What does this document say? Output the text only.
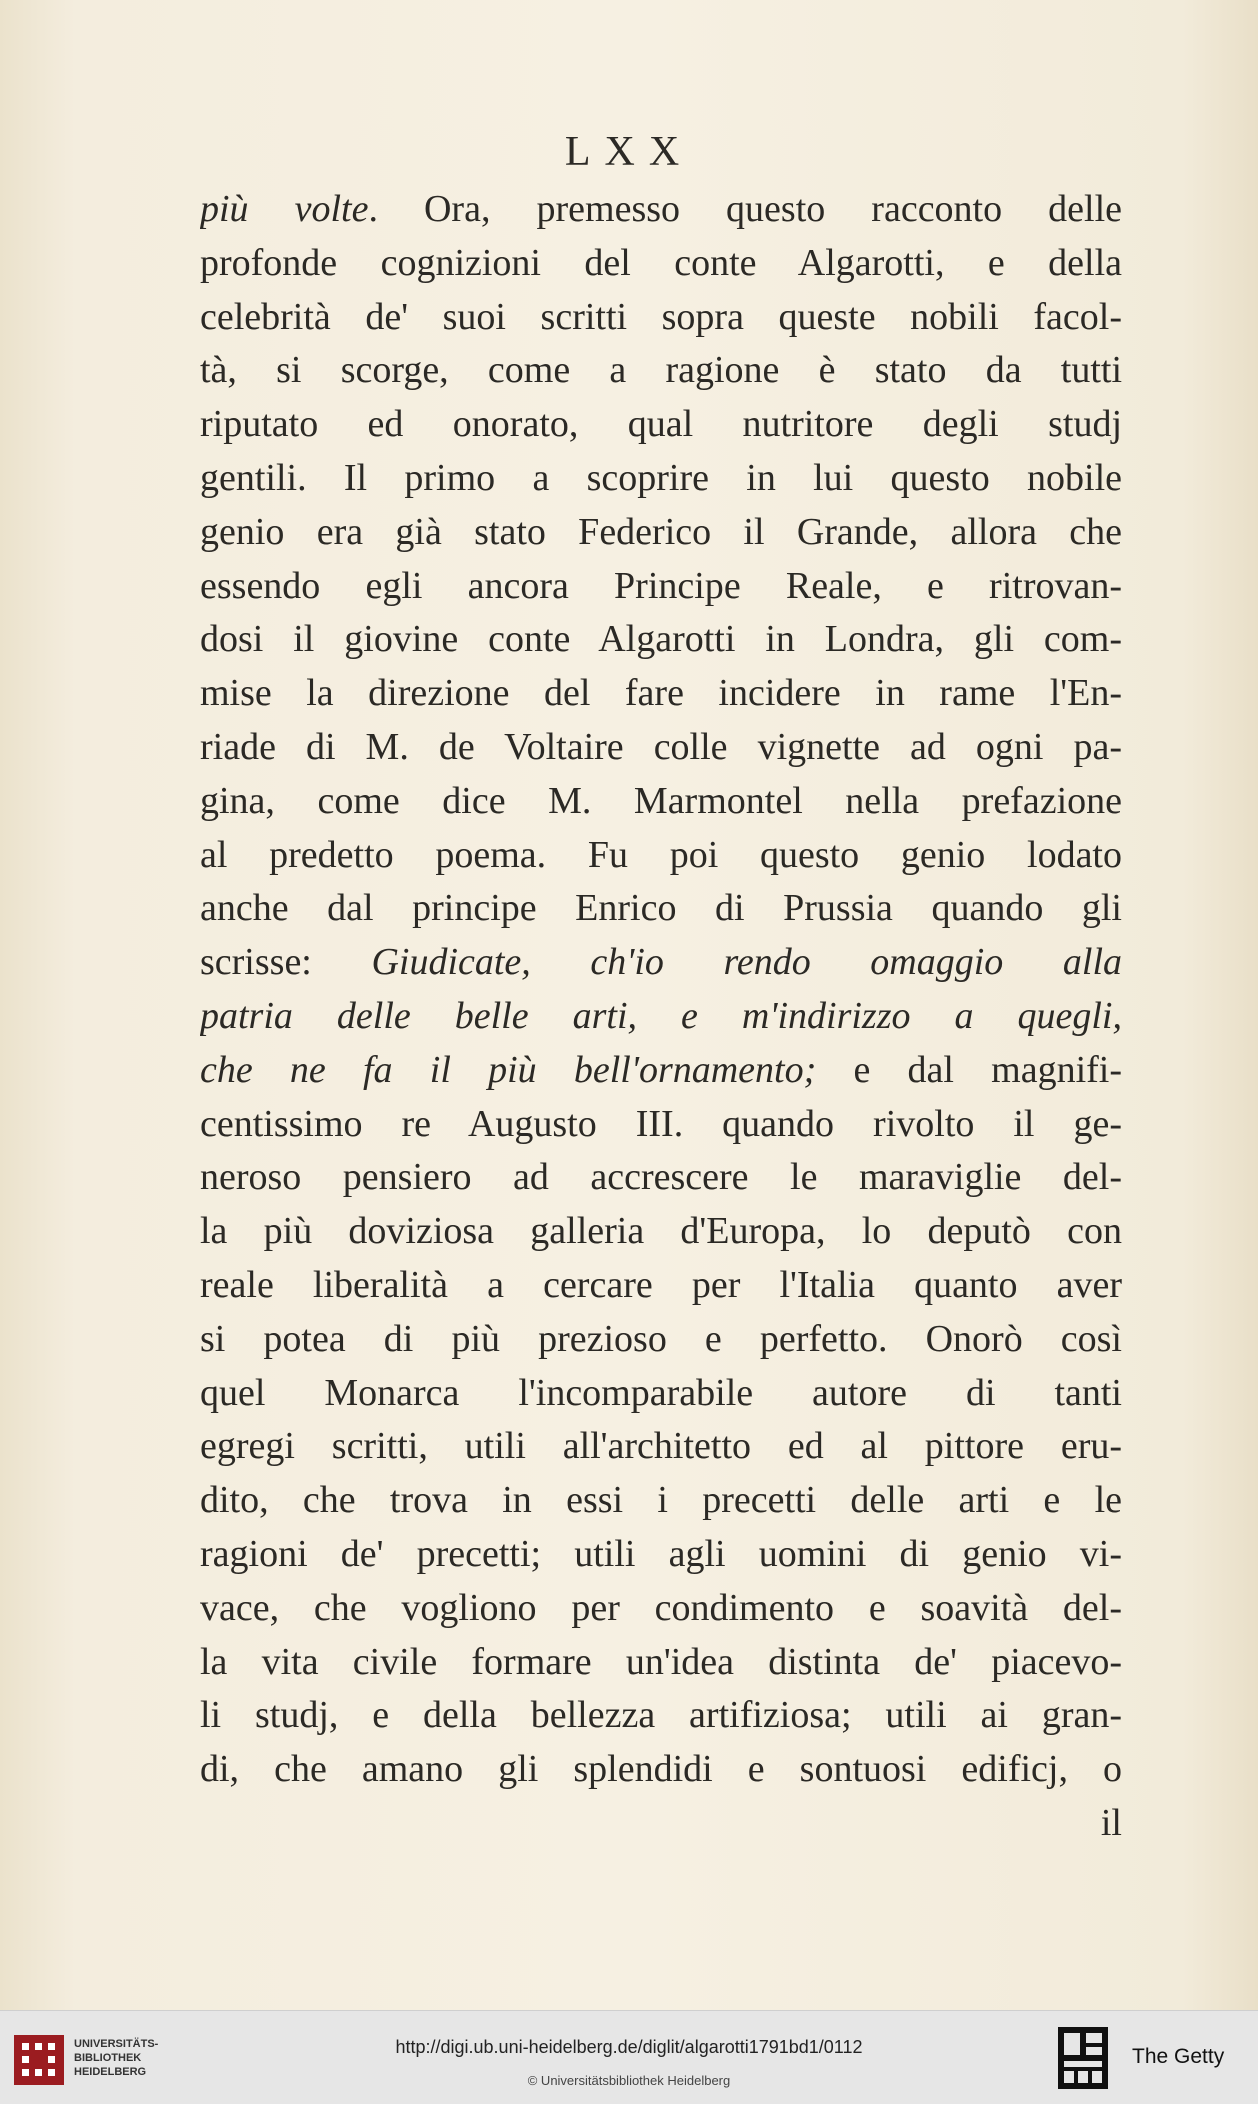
LXX
più volte. Ora, premesso questo racconto delle
profonde cognizioni del conte Algarotti, e della
celebrità de' suoi scritti sopra queste nobili facol-
tà, si scorge, come a ragione è stato da tutti
riputato ed onorato, qual nutritore degli studj
gentili. Il primo a scoprire in lui questo nobile
genio era già stato Federico il Grande, allora che
essendo egli ancora Principe Reale, e ritrovan-
dosi il giovine conte Algarotti in Londra, gli com-
mise la direzione del fare incidere in rame l'En-
riade di M. de Voltaire colle vignette ad ogni pa-
gina, come dice M. Marmontel nella prefazione
al predetto poema. Fu poi questo genio lodato
anche dal principe Enrico di Prussia quando gli
scrisse: Giudicate, ch'io rendo omaggio alla
patria delle belle arti, e m'indirizzo a quegli,
che ne fa il più bell'ornamento; e dal magnifi-
centissimo re Augusto III. quando rivolto il ge-
neroso pensiero ad accrescere le maraviglie del-
la più doviziosa galleria d'Europa, lo deputò con
reale liberalità a cercare per l'Italia quanto aver
si potea di più prezioso e perfetto. Onorò così
quel Monarca l'incomparabile autore di tanti
egregi scritti, utili all'architetto ed al pittore eru-
dito, che trova in essi i precetti delle arti e le
ragioni de' precetti; utili agli uomini di genio vi-
vace, che vogliono per condimento e soavità del-
la vita civile formare un'idea distinta de' piacevo-
li studj, e della bellezza artifiziosa; utili ai gran-
di, che amano gli splendidi e sontuosi edificj, o
il
UNIVERSITÄTS-
BIBLIOTHEK
HEIDELBERG
http://digi.ub.uni-heidelberg.de/diglit/algarotti1791bd1/0112
© Universitätsbibliothek Heidelberg
The Getty
